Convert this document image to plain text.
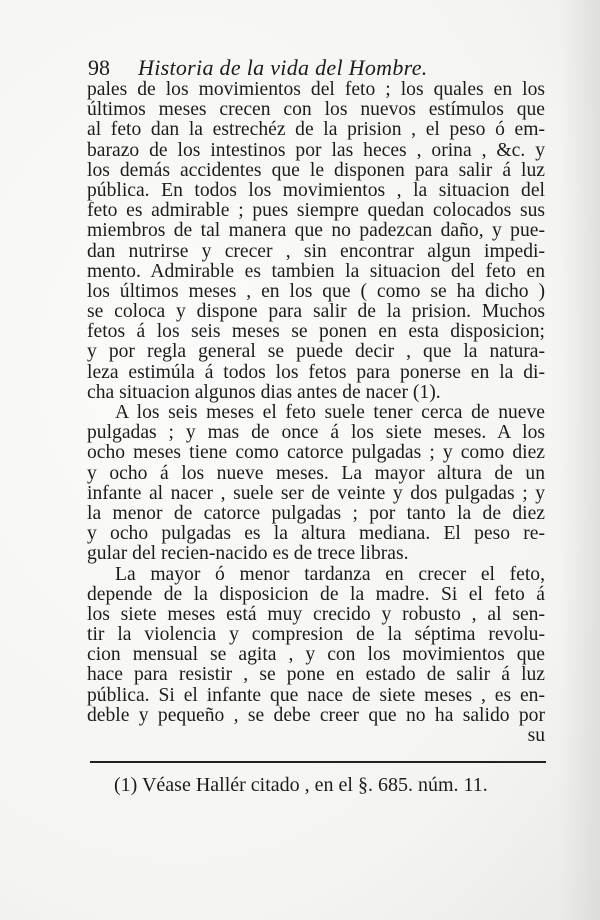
98 Historia de la vida del Hombre.
pales de los movimientos del feto ; los quales en los
últimos meses crecen con los nuevos estímulos que
al feto dan la estrechéz de la prision , el peso ó em-
barazo de los intestinos por las heces , orina , &c. y
los demás accidentes que le disponen para salir á luz
pública. En todos los movimientos , la situacion del
feto es admirable ; pues siempre quedan colocados sus
miembros de tal manera que no padezcan daño, y pue-
dan nutrirse y crecer , sin encontrar algun impedi-
mento. Admirable es tambien la situacion del feto en
los últimos meses , en los que ( como se ha dicho )
se coloca y dispone para salir de la prision. Muchos
fetos á los seis meses se ponen en esta disposicion;
y por regla general se puede decir , que la natura-
leza estimúla á todos los fetos para ponerse en la di-
cha situacion algunos dias antes de nacer (1).
A los seis meses el feto suele tener cerca de nueve
pulgadas ; y mas de once á los siete meses. A los
ocho meses tiene como catorce pulgadas ; y como diez
y ocho á los nueve meses. La mayor altura de un
infante al nacer , suele ser de veinte y dos pulgadas ; y
la menor de catorce pulgadas ; por tanto la de diez
y ocho pulgadas es la altura mediana. El peso re-
gular del recien-nacido es de trece libras.
La mayor ó menor tardanza en crecer el feto,
depende de la disposicion de la madre. Si el feto á
los siete meses está muy crecido y robusto , al sen-
tir la violencia y compresion de la séptima revolu-
cion mensual se agita , y con los movimientos que
hace para resistir , se pone en estado de salir á luz
pública. Si el infante que nace de siete meses , es en-
deble y pequeño , se debe creer que no ha salido por
su
(1) Véase Hallér citado , en el §. 685. núm. 11.
